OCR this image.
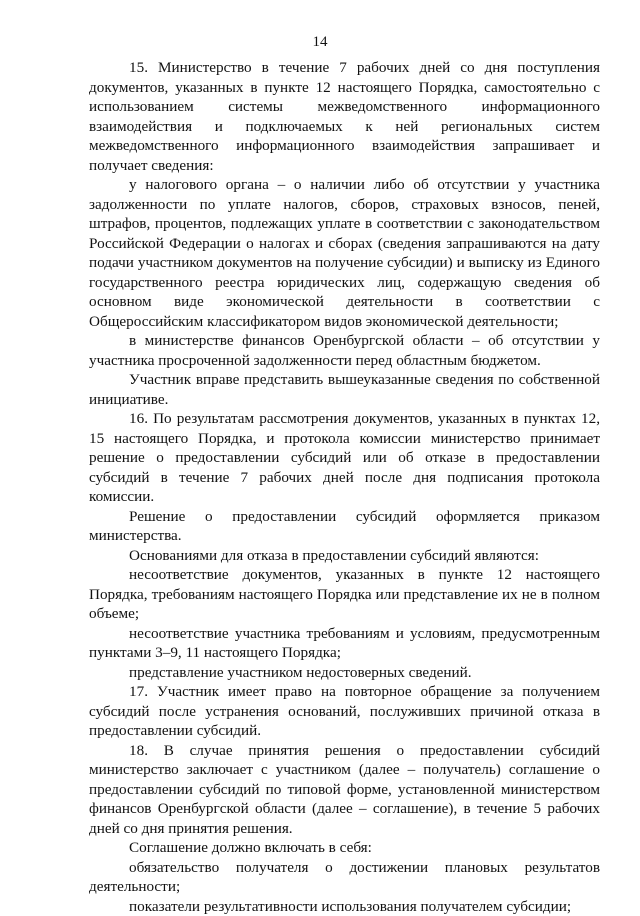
14

15. Министерство в течение 7 рабочих дней со дня поступления документов, указанных в пункте 12 настоящего Порядка, самостоятельно с использованием системы межведомственного информационного взаимодействия и подключаемых к ней региональных систем межведомственного информационного взаимодействия запрашивает и получает сведения:

у налогового органа – о наличии либо об отсутствии у участника задолженности по уплате налогов, сборов, страховых взносов, пеней, штрафов, процентов, подлежащих уплате в соответствии с законодательством Российской Федерации о налогах и сборах (сведения запрашиваются на дату подачи участником документов на получение субсидии) и выписку из Единого государственного реестра юридических лиц, содержащую сведения об основном виде экономической деятельности в соответствии с Общероссийским классификатором видов экономической деятельности;

в министерстве финансов Оренбургской области – об отсутствии у участника просроченной задолженности перед областным бюджетом.

Участник вправе представить вышеуказанные сведения по собственной инициативе.

16. По результатам рассмотрения документов, указанных в пунктах 12, 15 настоящего Порядка, и протокола комиссии министерство принимает решение о предоставлении субсидий или об отказе в предоставлении субсидий в течение 7 рабочих дней после дня подписания протокола комиссии.

Решение о предоставлении субсидий оформляется приказом министерства.

Основаниями для отказа в предоставлении субсидий являются:

несоответствие документов, указанных в пункте 12 настоящего Порядка, требованиям настоящего Порядка или представление их не в полном объеме;

несоответствие участника требованиям и условиям, предусмотренным пунктами 3–9, 11 настоящего Порядка;

представление участником недостоверных сведений.

17. Участник имеет право на повторное обращение за получением субсидий после устранения оснований, послуживших причиной отказа в предоставлении субсидий.

18. В случае принятия решения о предоставлении субсидий министерство заключает с участником (далее – получатель) соглашение о предоставлении субсидий по типовой форме, установленной министерством финансов Оренбургской области (далее – соглашение), в течение 5 рабочих дней со дня принятия решения.

Соглашение должно включать в себя:

обязательство получателя о достижении плановых результатов деятельности;

показатели результативности использования получателем субсидии;
